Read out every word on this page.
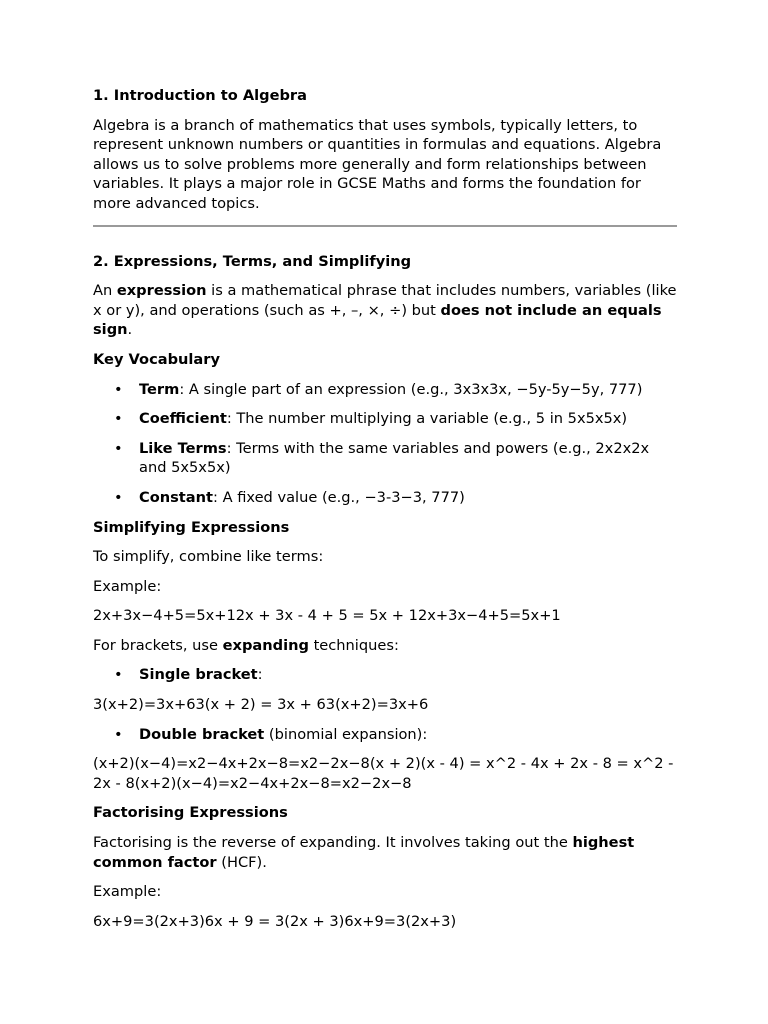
1. Introduction to Algebra

Algebra is a branch of mathematics that uses symbols, typically letters, to represent unknown numbers or quantities in formulas and equations. Algebra allows us to solve problems more generally and form relationships between variables. It plays a major role in GCSE Maths and forms the foundation for more advanced topics.

2. Expressions, Terms, and Simplifying

An expression is a mathematical phrase that includes numbers, variables (like x or y), and operations (such as +, –, ×, ÷) but does not include an equals sign.

Key Vocabulary
• Term: A single part of an expression (e.g., 3x3x3x, −5y-5y−5y, 777)
• Coefficient: The number multiplying a variable (e.g., 5 in 5x5x5x)
• Like Terms: Terms with the same variables and powers (e.g., 2x2x2x and 5x5x5x)
• Constant: A fixed value (e.g., −3-3−3, 777)
Simplifying Expressions

To simplify, combine like terms:

Example:

2x+3x−4+5=5x+12x + 3x - 4 + 5 = 5x + 12x+3x−4+5=5x+1

For brackets, use expanding techniques:

• Single bracket:

3(x+2)=3x+63(x + 2) = 3x + 63(x+2)=3x+6

• Double bracket (binomial expansion):

(x+2)(x−4)=x2−4x+2x−8=x2−2x−8(x + 2)(x - 4) = x^2 - 4x + 2x - 8 = x^2 - 2x - 8(x+2)(x−4)=x2−4x+2x−8=x2−2x−8

Factorising Expressions

Factorising is the reverse of expanding. It involves taking out the highest common factor (HCF).

Example:

6x+9=3(2x+3)6x + 9 = 3(2x + 3)6x+9=3(2x+3)
